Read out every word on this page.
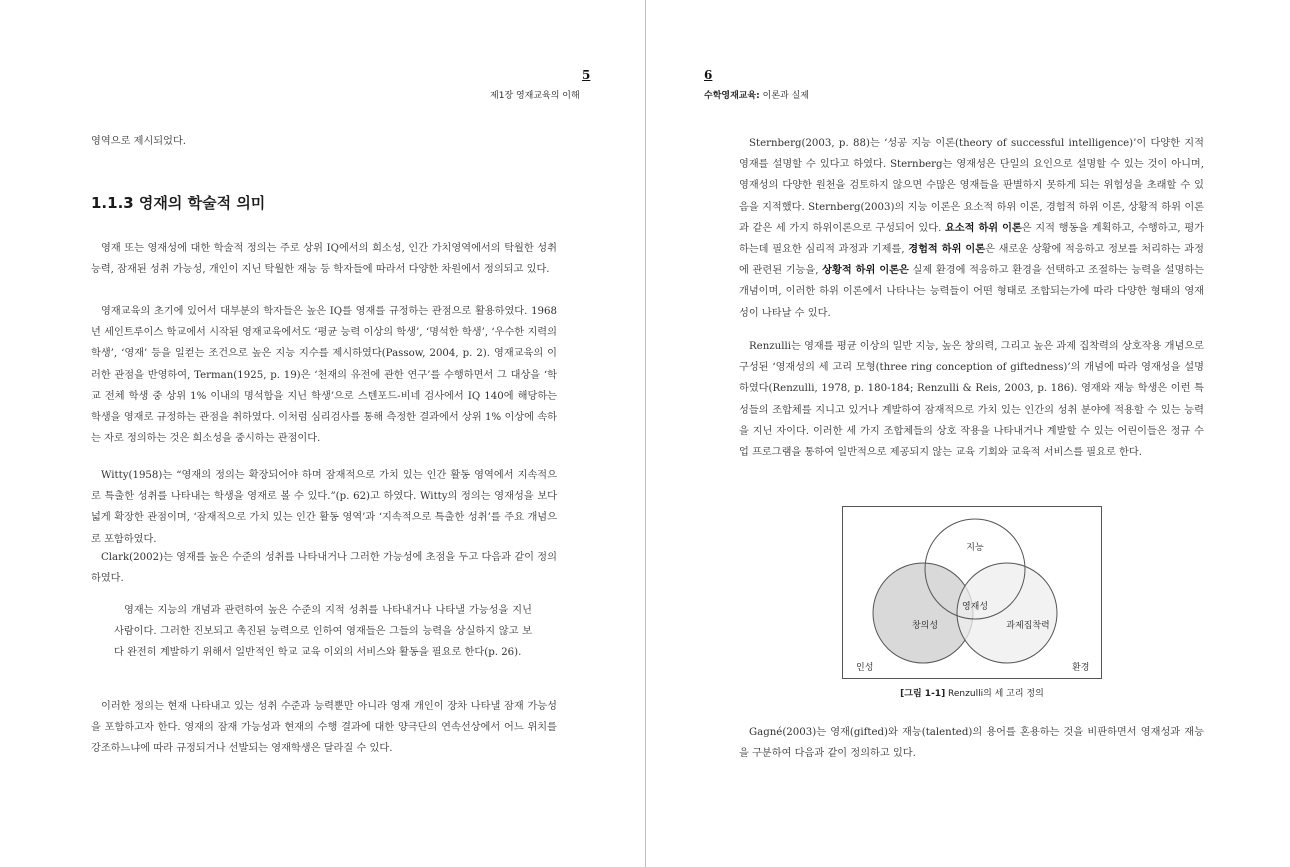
5
제1장 영재교육의 이해

영역으로 제시되었다.

1.1.3 영재의 학술적 의미

영재 또는 영재성에 대한 학술적 정의는 주로 상위 IQ에서의 희소성, 인간 가치영역에서의 탁월한 성취 능력, 잠재된 성취 가능성, 개인이 지닌 탁월한 재능 등 학자들에 따라서 다양한 차원에서 정의되고 있다.

영재교육의 초기에 있어서 대부분의 학자들은 높은 IQ를 영재를 규정하는 관점으로 활용하였다. 1968년 세인트루이스 학교에서 시작된 영재교육에서도 ‘평균 능력 이상의 학생’, ‘명석한 학생’, ‘우수한 지력의 학생’, ‘영재’ 등을 일컫는 조건으로 높은 지능 지수를 제시하였다(Passow, 2004, p. 2). 영재교육의 이러한 관점을 반영하여, Terman(1925, p. 19)은 ‘천재의 유전에 관한 연구’를 수행하면서 그 대상을 ‘학교 전체 학생 중 상위 1% 이내의 명석함을 지닌 학생’으로 스텐포드-비네 검사에서 IQ 140에 해당하는 학생을 영재로 규정하는 관점을 취하였다. 이처럼 심리검사를 통해 측정한 결과에서 상위 1% 이상에 속하는 자로 정의하는 것은 희소성을 중시하는 관점이다.

Witty(1958)는 “영재의 정의는 확장되어야 하며 잠재적으로 가치 있는 인간 활동 영역에서 지속적으로 특출한 성취를 나타내는 학생을 영재로 볼 수 있다.”(p. 62)고 하였다. Witty의 정의는 영재성을 보다 넓게 확장한 관점이며, ‘잠재적으로 가치 있는 인간 활동 영역’과 ‘지속적으로 특출한 성취’를 주요 개념으로 포함하였다.

Clark(2002)는 영재를 높은 수준의 성취를 나타내거나 그러한 가능성에 초점을 두고 다음과 같이 정의하였다.

영재는 지능의 개념과 관련하여 높은 수준의 지적 성취를 나타내거나 나타낼 가능성을 지닌 사람이다. 그러한 진보되고 촉진된 능력으로 인하여 영재들은 그들의 능력을 상실하지 않고 보다 완전히 계발하기 위해서 일반적인 학교 교육 이외의 서비스와 활동을 필요로 한다(p. 26).

이러한 정의는 현재 나타내고 있는 성취 수준과 능력뿐만 아니라 영재 개인이 장차 나타낼 잠재 가능성을 포함하고자 한다. 영재의 잠재 가능성과 현재의 수행 결과에 대한 양극단의 연속선상에서 어느 위치를 강조하느냐에 따라 규정되거나 선발되는 영재학생은 달라질 수 있다.

6
수학영재교육: 이론과 실제

Sternberg(2003, p. 88)는 ‘성공 지능 이론(theory of successful intelligence)’이 다양한 지적 영재를 설명할 수 있다고 하였다. Sternberg는 영재성은 단일의 요인으로 설명할 수 있는 것이 아니며, 영재성의 다양한 원천을 검토하지 않으면 수많은 영재들을 판별하지 못하게 되는 위험성을 초래할 수 있음을 지적했다. Sternberg(2003)의 지능 이론은 요소적 하위 이론, 경험적 하위 이론, 상황적 하위 이론과 같은 세 가지 하위이론으로 구성되어 있다. 요소적 하위 이론은 지적 행동을 계획하고, 수행하고, 평가하는데 필요한 심리적 과정과 기제를, 경험적 하위 이론은 새로운 상황에 적응하고 정보를 처리하는 과정에 관련된 기능을, 상황적 하위 이론은 실제 환경에 적응하고 환경을 선택하고 조절하는 능력을 설명하는 개념이며, 이러한 하위 이론에서 나타나는 능력들이 어떤 형태로 조합되는가에 따라 다양한 형태의 영재성이 나타날 수 있다.

Renzulli는 영재를 평균 이상의 일반 지능, 높은 창의력, 그리고 높은 과제 집착력의 상호작용 개념으로 구성된 ‘영재성의 세 고리 모형(three ring conception of giftedness)’의 개념에 따라 영재성을 설명하였다(Renzulli, 1978, p. 180-184; Renzulli & Reis, 2003, p. 186). 영재와 재능 학생은 이런 특성들의 조합체를 지니고 있거나 계발하여 잠재적으로 가치 있는 인간의 성취 분야에 적용할 수 있는 능력을 지닌 자이다. 이러한 세 가지 조합체들의 상호 작용을 나타내거나 계발할 수 있는 어린이들은 정규 수업 프로그램을 통하여 일반적으로 제공되지 않는 교육 기회와 교육적 서비스를 필요로 한다.

지능
창의성	과제집착력
영재성
인성	환경
[그림 1-1] Renzulli의 세 고리 정의

Gagné(2003)는 영재(gifted)와 재능(talented)의 용어를 혼용하는 것을 비판하면서 영재성과 재능을 구분하여 다음과 같이 정의하고 있다.
